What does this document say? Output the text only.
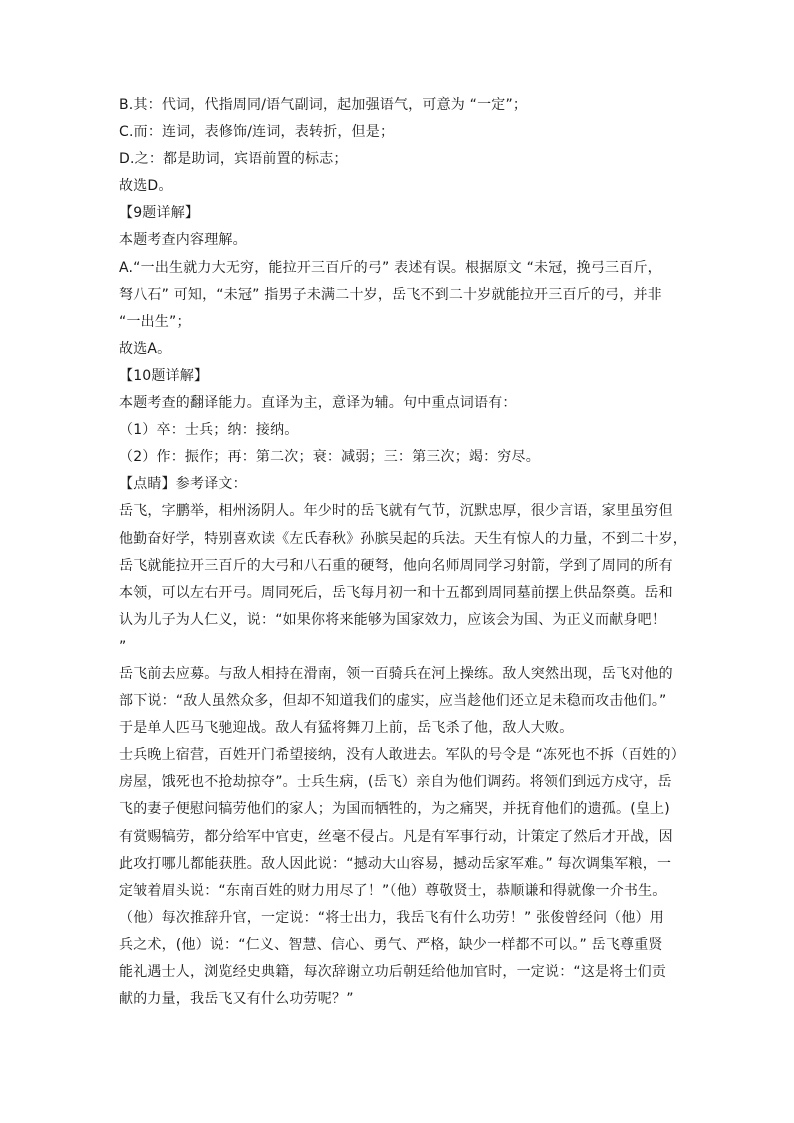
B.其：代词，代指周同/语气副词，起加强语气，可意为 “一定”；
C.而：连词，表修饰/连词，表转折，但是；
D.之：都是助词，宾语前置的标志；
故选D。
【9题详解】
本题考查内容理解。
A.“一出生就力大无穷，能拉开三百斤的弓” 表述有误。根据原文 “未冠，挽弓三百斤，
弩八石” 可知，“未冠” 指男子未满二十岁，岳飞不到二十岁就能拉开三百斤的弓，并非
“一出生”；
故选A。
【10题详解】
本题考查的翻译能力。直译为主，意译为辅。句中重点词语有：
（1）卒：士兵；纳：接纳。
（2）作：振作；再：第二次；衰：减弱；三：第三次；竭：穷尽。
【点睛】参考译文：
岳飞，字鹏举，相州汤阴人。年少时的岳飞就有气节，沉默忠厚，很少言语，家里虽穷但
他勤奋好学，特别喜欢读《左氏春秋》孙膑吴起的兵法。天生有惊人的力量，不到二十岁，
岳飞就能拉开三百斤的大弓和八石重的硬弩，他向名师周同学习射箭，学到了周同的所有
本领，可以左右开弓。周同死后，岳飞每月初一和十五都到周同墓前摆上供品祭奠。岳和
认为儿子为人仁义，说：“如果你将来能够为国家效力，应该会为国、为正义而献身吧！
”
岳飞前去应募。与敌人相持在滑南，领一百骑兵在河上操练。敌人突然出现，岳飞对他的
部下说：“敌人虽然众多，但却不知道我们的虚实，应当趁他们还立足未稳而攻击他们。”
于是单人匹马飞驰迎战。敌人有猛将舞刀上前，岳飞杀了他，敌人大败。
士兵晚上宿营，百姓开门希望接纳，没有人敢进去。军队的号令是 “冻死也不拆（百姓的）
房屋，饿死也不抢劫掠夺”。士兵生病，(岳飞）亲自为他们调药。将领们到远方戍守，岳
飞的妻子便慰问犒劳他们的家人；为国而牺牲的，为之痛哭，并抚育他们的遗孤。(皇上)
有赏赐犒劳，都分给军中官吏，丝毫不侵占。凡是有军事行动，计策定了然后才开战，因
此攻打哪儿都能获胜。敌人因此说：“撼动大山容易，撼动岳家军难。” 每次调集军粮，一
定皱着眉头说：“东南百姓的财力用尽了！”（他）尊敬贤士，恭顺谦和得就像一介书生。
（他）每次推辞升官，一定说：“将士出力，我岳飞有什么功劳！” 张俊曾经问（他）用
兵之术，(他）说：“仁义、智慧、信心、勇气、严格，缺少一样都不可以。” 岳飞尊重贤
能礼遇士人，浏览经史典籍，每次辞谢立功后朝廷给他加官时，一定说：“这是将士们贡
献的力量，我岳飞又有什么功劳呢？”
